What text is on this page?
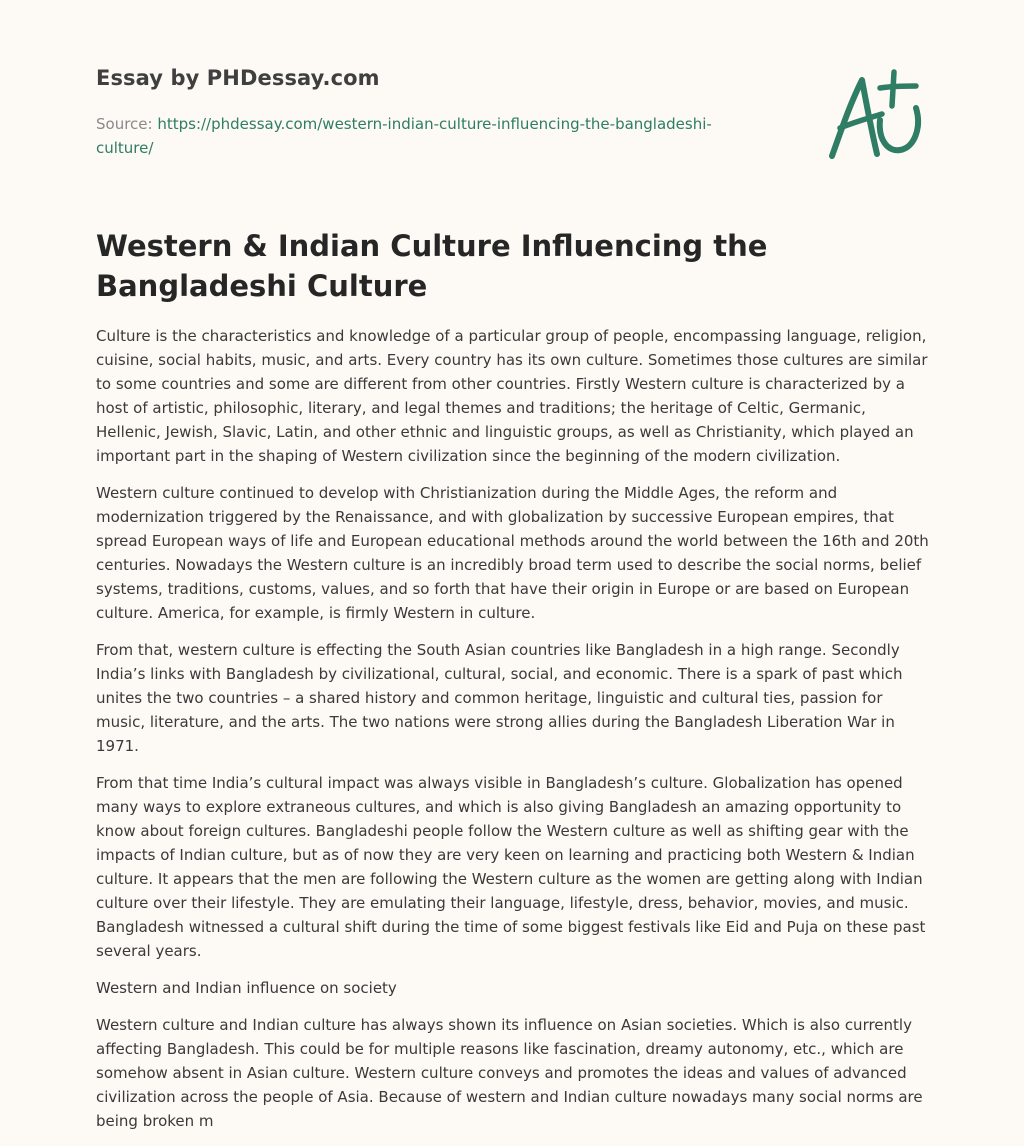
Essay by PHDessay.com

Source: https://phdessay.com/western-indian-culture-influencing-the-bangladeshi-culture/

Western & Indian Culture Influencing the Bangladeshi Culture

Culture is the characteristics and knowledge of a particular group of people, encompassing language, religion, cuisine, social habits, music, and arts. Every country has its own culture. Sometimes those cultures are similar to some countries and some are different from other countries. Firstly Western culture is characterized by a host of artistic, philosophic, literary, and legal themes and traditions; the heritage of Celtic, Germanic, Hellenic, Jewish, Slavic, Latin, and other ethnic and linguistic groups, as well as Christianity, which played an important part in the shaping of Western civilization since the beginning of the modern civilization.

Western culture continued to develop with Christianization during the Middle Ages, the reform and modernization triggered by the Renaissance, and with globalization by successive European empires, that spread European ways of life and European educational methods around the world between the 16th and 20th centuries. Nowadays the Western culture is an incredibly broad term used to describe the social norms, belief systems, traditions, customs, values, and so forth that have their origin in Europe or are based on European culture. America, for example, is firmly Western in culture.

From that, western culture is effecting the South Asian countries like Bangladesh in a high range. Secondly India’s links with Bangladesh by civilizational, cultural, social, and economic. There is a spark of past which unites the two countries – a shared history and common heritage, linguistic and cultural ties, passion for music, literature, and the arts. The two nations were strong allies during the Bangladesh Liberation War in 1971.

From that time India’s cultural impact was always visible in Bangladesh’s culture. Globalization has opened many ways to explore extraneous cultures, and which is also giving Bangladesh an amazing opportunity to know about foreign cultures. Bangladeshi people follow the Western culture as well as shifting gear with the impacts of Indian culture, but as of now they are very keen on learning and practicing both Western & Indian culture. It appears that the men are following the Western culture as the women are getting along with Indian culture over their lifestyle. They are emulating their language, lifestyle, dress, behavior, movies, and music. Bangladesh witnessed a cultural shift during the time of some biggest festivals like Eid and Puja on these past several years.

Western and Indian influence on society

Western culture and Indian culture has always shown its influence on Asian societies. Which is also currently affecting Bangladesh. This could be for multiple reasons like fascination, dreamy autonomy, etc., which are somehow absent in Asian culture. Western culture conveys and promotes the ideas and values of advanced civilization across the people of Asia. Because of western and Indian culture nowadays many social norms are being broken m
